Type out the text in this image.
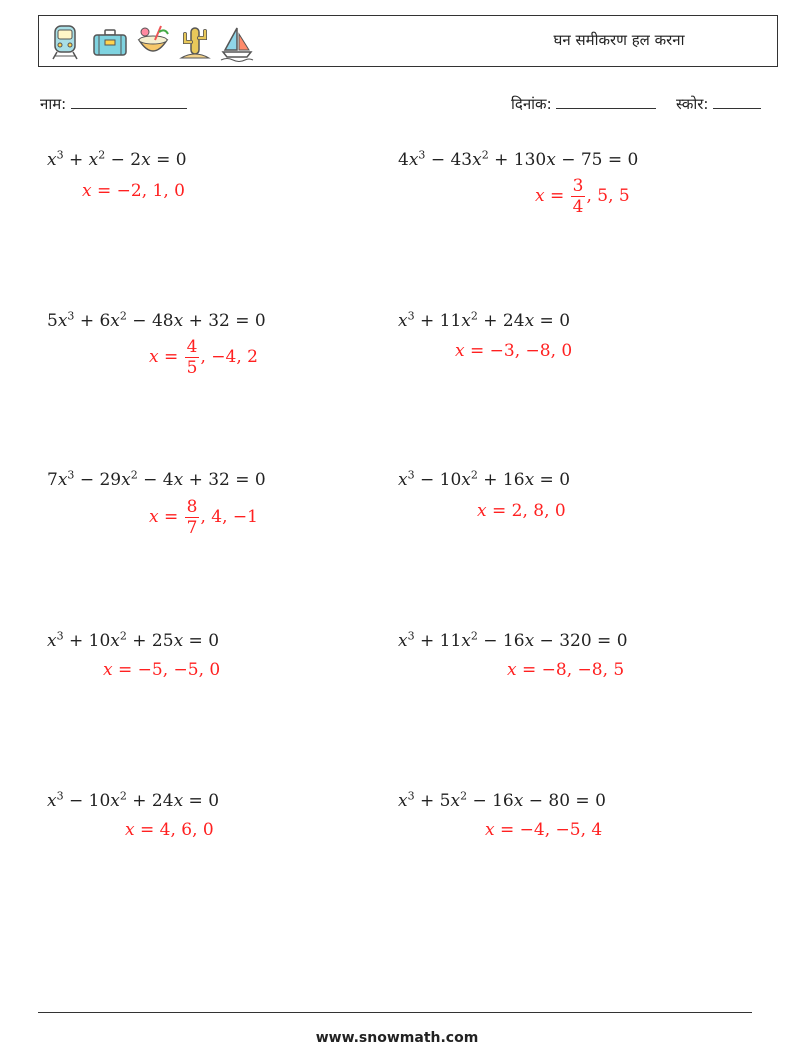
घन समीकरण हल करना
नाम:	दिनांक:	स्कोर:
$x^3 + x^2 - 2x = 0$
x = −2, 1, 0
$4x^3 - 43x^2 + 130x - 75 = 0$
$x = \frac{3}{4}$ , 5, 5
$5x^3 + 6x^2 - 48x + 32 = 0$
$x = \frac{4}{5}$ , −4, 2
$x^3 + 11x^2 + 24x = 0$
x = −3, −8, 0
$7x^3 - 29x^2 - 4x + 32 = 0$
$x = \frac{8}{7}$ , 4, −1
$x^3 - 10x^2 + 16x = 0$
x = 2, 8, 0
$x^3 + 10x^2 + 25x = 0$
x = −5, −5, 0
$x^3 + 11x^2 - 16x - 320 = 0$
x = −8, −8, 5
$x^3 - 10x^2 + 24x = 0$
x = 4, 6, 0
$x^3 + 5x^2 - 16x - 80 = 0$
x = −4, −5, 4
www.snowmath.com
